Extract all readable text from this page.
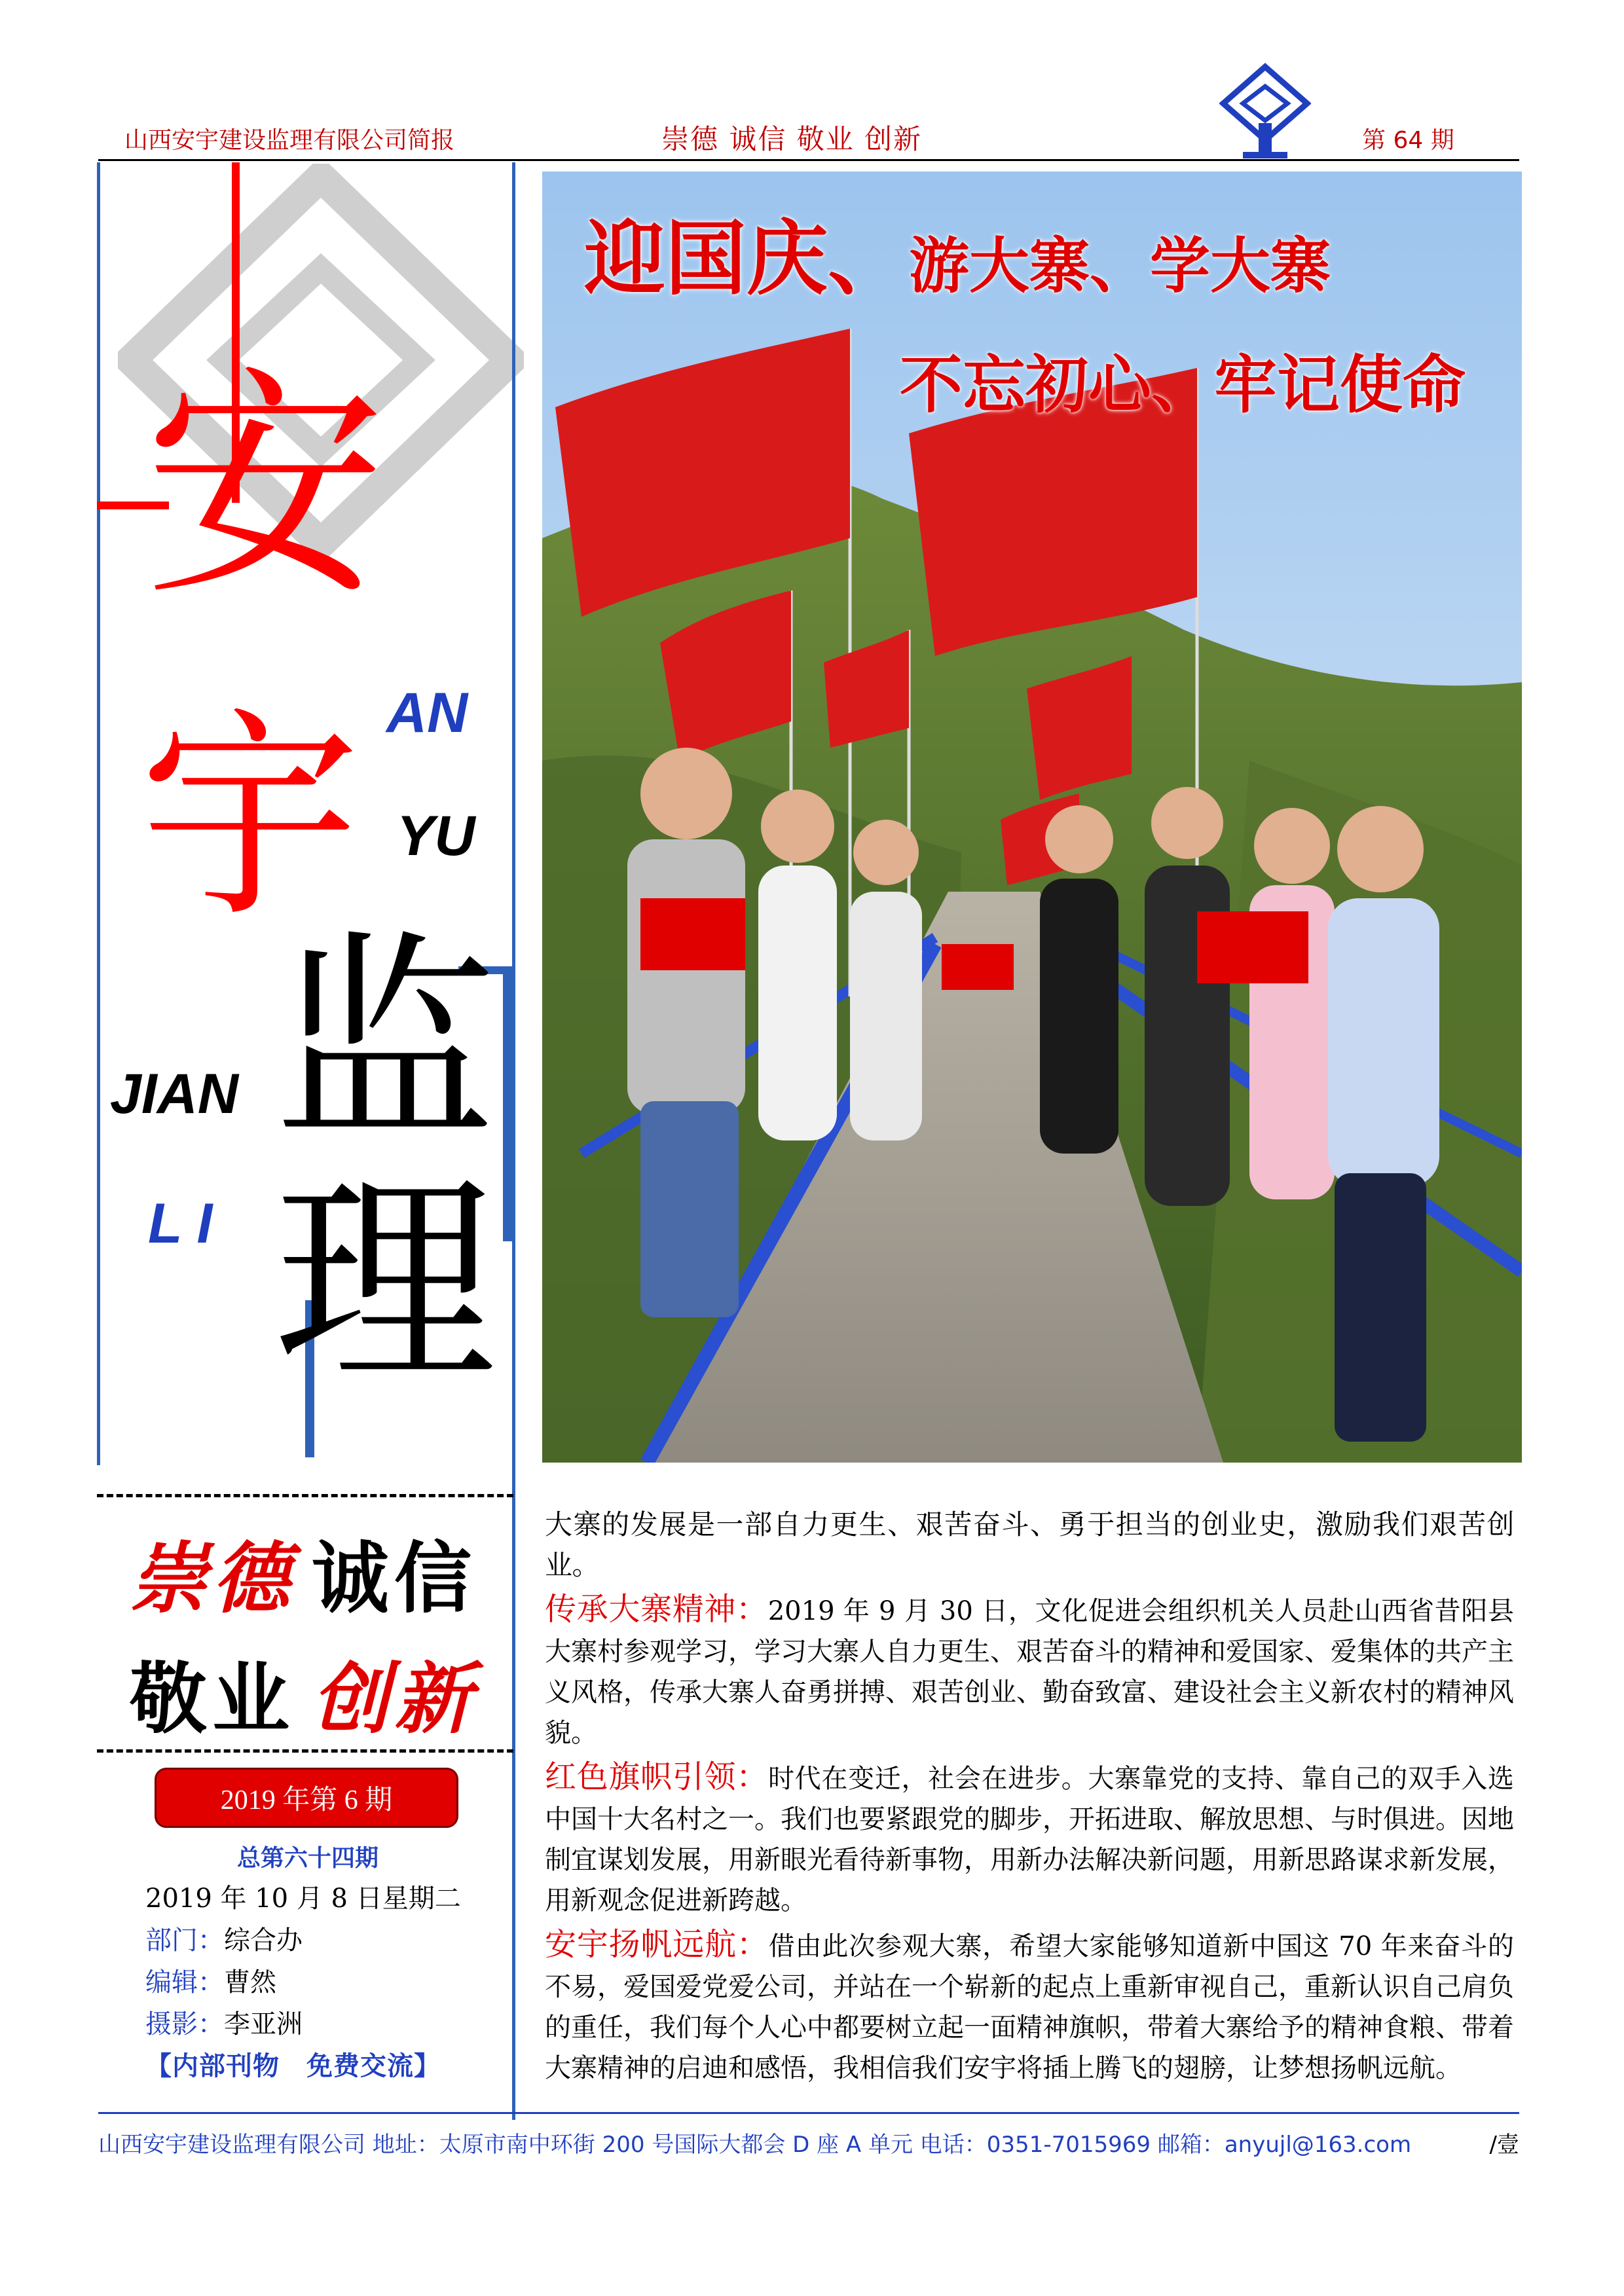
山西安宇建设监理有限公司简报	崇德 诚信 敬业 创新	第 64 期
安
AN
宇 YU
监
JIAN
理
LI
崇德 诚信
敬业 创新
2019 年第 6 期
总第六十四期
2019 年 10 月 8 日星期二
部门：综合办
编辑：曹然
摄影：李亚洲
【内部刊物　免费交流】
迎国庆、游大寨、学大寨
不忘初心、牢记使命

大寨的发展是一部自力更生、艰苦奋斗、勇于担当的创业史，激励我们艰苦创业。

传承大寨精神：2019 年 9 月 30 日，文化促进会组织机关人员赴山西省昔阳县大寨村参观学习，学习大寨人自力更生、艰苦奋斗的精神和爱国家、爱集体的共产主义风格，传承大寨人奋勇拼搏、艰苦创业、勤奋致富、建设社会主义新农村的精神风貌。

红色旗帜引领：时代在变迁，社会在进步。大寨靠党的支持、靠自己的双手入选中国十大名村之一。我们也要紧跟党的脚步，开拓进取、解放思想、与时俱进。因地制宜谋划发展，用新眼光看待新事物，用新办法解决新问题，用新思路谋求新发展，用新观念促进新跨越。

安宇扬帆远航：借由此次参观大寨，希望大家能够知道新中国这 70 年来奋斗的不易，爱国爱党爱公司，并站在一个崭新的起点上重新审视自己，重新认识自己肩负的重任，我们每个人心中都要树立起一面精神旗帜，带着大寨给予的精神食粮、带着大寨精神的启迪和感悟，我相信我们安宇将插上腾飞的翅膀，让梦想扬帆远航。

山西安宇建设监理有限公司 地址：太原市南中环街 200 号国际大都会 D 座 A 单元 电话：0351-7015969 邮箱：anyujl@163.com	/壹
